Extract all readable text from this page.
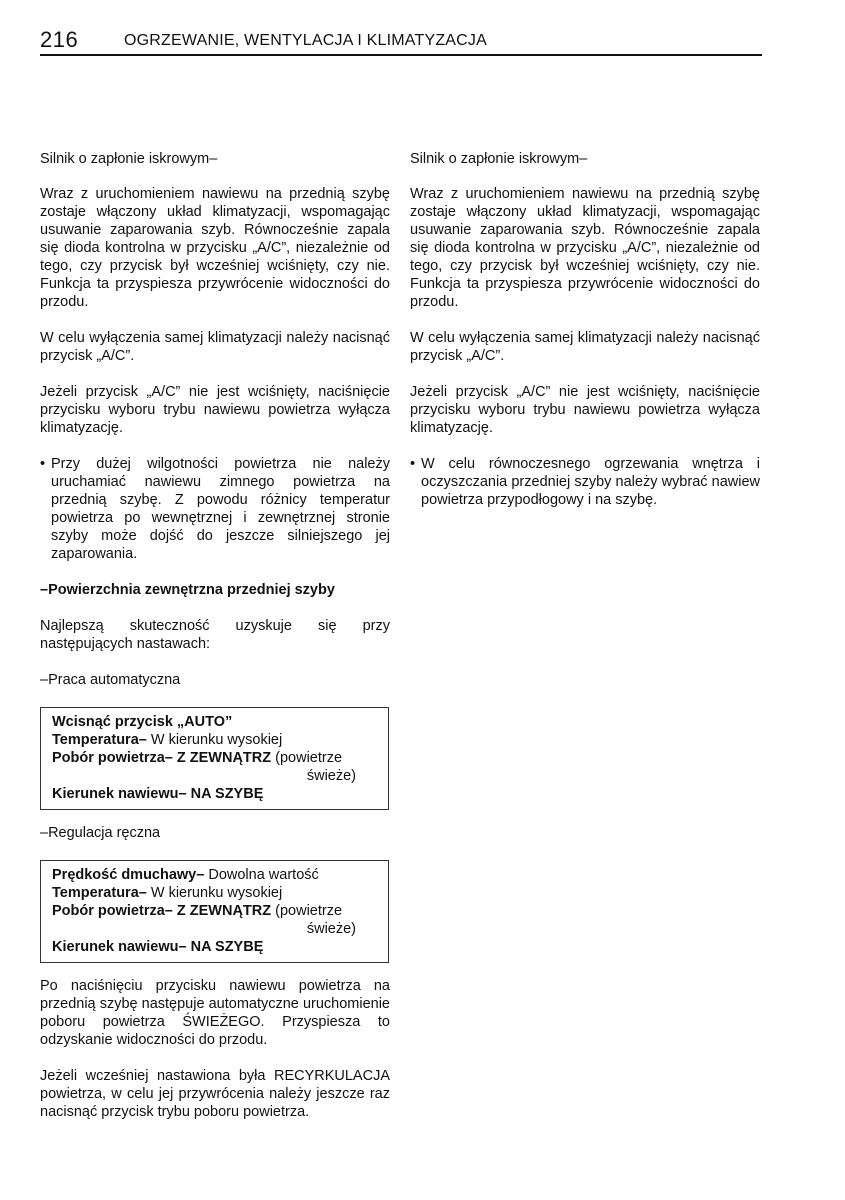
216	OGRZEWANIE, WENTYLACJA I KLIMATYZACJA

Silnik o zapłonie iskrowym–

Wraz z uruchomieniem nawiewu na przednią szybę zostaje włączony układ klimatyzacji, wspomagając usuwanie zaparowania szyb. Równocześnie zapala się dioda kontrolna w przycisku „A/C”, niezależnie od tego, czy przycisk był wcześniej wciśnięty, czy nie. Funkcja ta przyspiesza przywrócenie widoczności do przodu.

W celu wyłączenia samej klimatyzacji należy nacisnąć przycisk „A/C”.

Jeżeli przycisk „A/C” nie jest wciśnięty, naciśnięcie przycisku wyboru trybu nawiewu powietrza wyłącza klimatyzację.

• Przy dużej wilgotności powietrza nie należy uruchamiać nawiewu zimnego powietrza na przednią szybę. Z powodu różnicy temperatur powietrza po wewnętrznej i zewnętrznej stronie szyby może dojść do jeszcze silniejszego jej zaparowania.

–Powierzchnia zewnętrzna przedniej szyby

Najlepszą skuteczność uzyskuje się przy następujących nastawach:

–Praca automatyczna

Wcisnąć przycisk „AUTO”
Temperatura– W kierunku wysokiej
Pobór powietrza– Z ZEWNĄTRZ (powietrze
świeże)
Kierunek nawiewu– NA SZYBĘ

–Regulacja ręczna

Prędkość dmuchawy– Dowolna wartość
Temperatura– W kierunku wysokiej
Pobór powietrza– Z ZEWNĄTRZ (powietrze
świeże)
Kierunek nawiewu– NA SZYBĘ

Po naciśnięciu przycisku nawiewu powietrza na przednią szybę następuje automatyczne uruchomienie poboru powietrza ŚWIEŻEGO. Przyspiesza to odzyskanie widoczności do przodu.

Jeżeli wcześniej nastawiona była RECYRKULACJA powietrza, w celu jej przywrócenia należy jeszcze raz nacisnąć przycisk trybu poboru powietrza.

Silnik o zapłonie iskrowym–

Wraz z uruchomieniem nawiewu na przednią szybę zostaje włączony układ klimatyzacji, wspomagając usuwanie zaparowania szyb. Równocześnie zapala się dioda kontrolna w przycisku „A/C”, niezależnie od tego, czy przycisk był wcześniej wciśnięty, czy nie. Funkcja ta przyspiesza przywrócenie widoczności do przodu.

W celu wyłączenia samej klimatyzacji należy nacisnąć przycisk „A/C”.

Jeżeli przycisk „A/C” nie jest wciśnięty, naciśnięcie przycisku wyboru trybu nawiewu powietrza wyłącza klimatyzację.

• W celu równoczesnego ogrzewania wnętrza i oczyszczania przedniej szyby należy wybrać nawiew powietrza przypodłogowy i na szybę.
